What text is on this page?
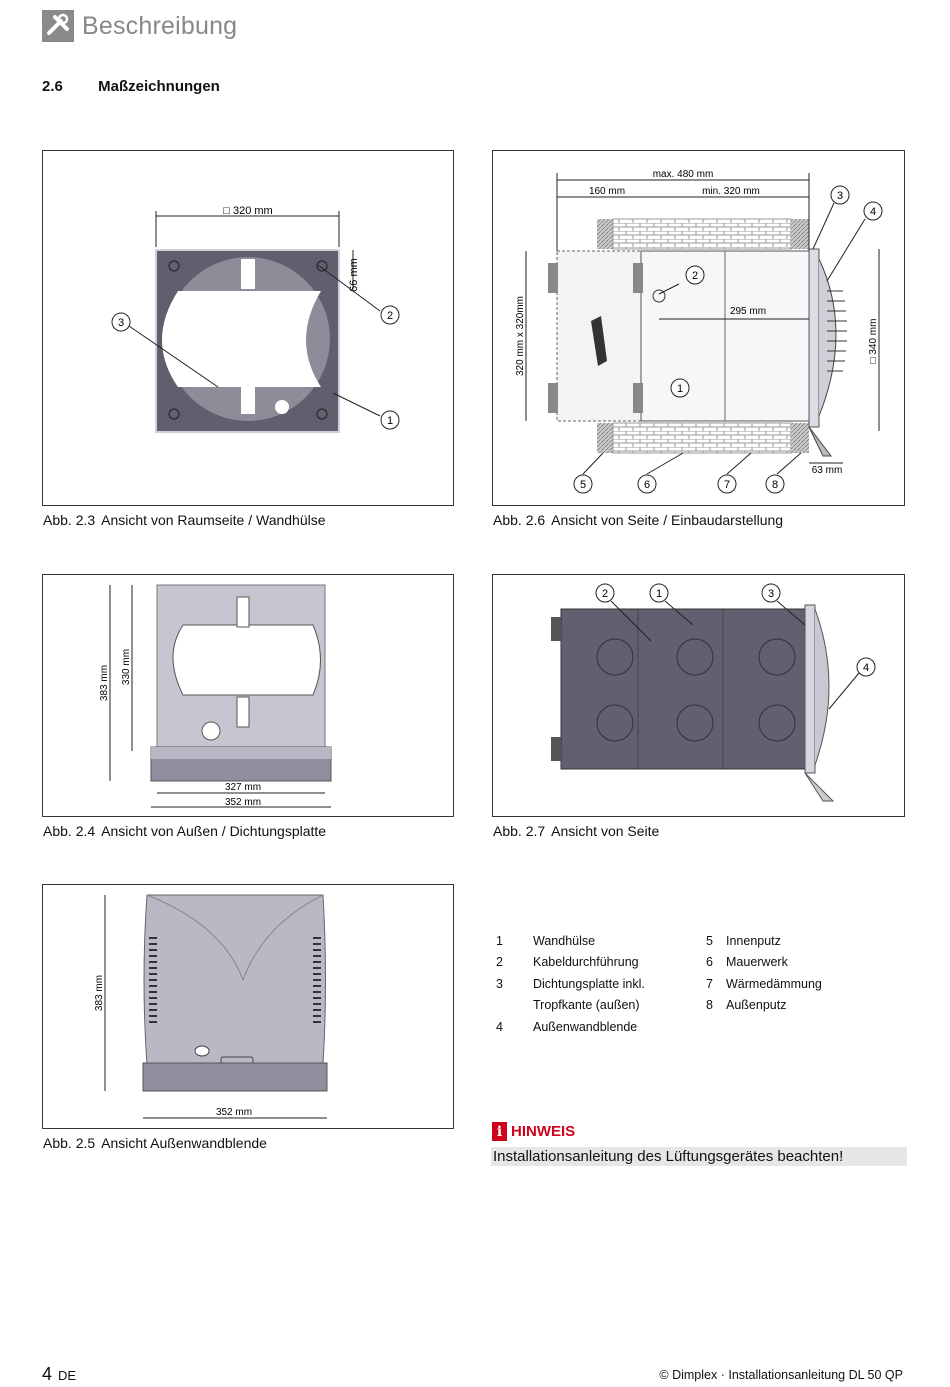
Beschreibung
2.6 Maßzeichnungen
□ 320 mm
66 mm
3
2
1
Abb. 2.3 Ansicht von Raumseite / Wandhülse
max. 480 mm
160 mm	min. 320 mm
295 mm
320 mm x 320mm	□ 340 mm
63 mm
1
2
3
4
5	6	7	8
Abb. 2.6 Ansicht von Seite / Einbaudarstellung
383 mm 330 mm
327 mm
352 mm
Abb. 2.4 Ansicht von Außen / Dichtungsplatte
2	1	3
4
Abb. 2.7 Ansicht von Seite
383 mm
352 mm
Abb. 2.5 Ansicht Außenwandblende
1	Wandhülse	5	Innenputz
2	Kabeldurchführung	6	Mauerwerk
3	Dichtungsplatte inkl.	7	Wärmedämmung
	Tropfkante (außen)	8	Außenputz
4	Außenwandblende		
i HINWEIS
Installationsanleitung des Lüftungsgerätes beachten!
4 DE	© Dimplex · Installationsanleitung DL 50 QP
